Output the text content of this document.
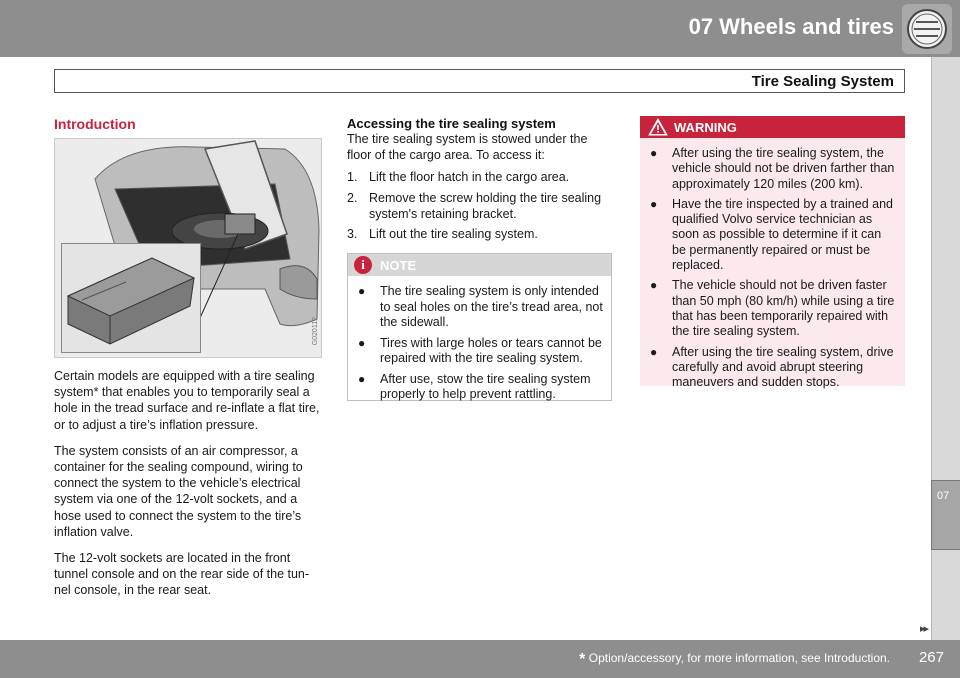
07 Wheels and tires
Tire Sealing System
07
▸▸
Introduction
G020112

Certain models are equipped with a tire sealing system* that enables you to temporarily seal a hole in the tread surface and re-inflate a flat tire, or to adjust a tire’s inflation pressure.

The system consists of an air compressor, a container for the sealing compound, wiring to connect the system to the vehicle’s electrical system via one of the 12-volt sockets, and a hose used to connect the system to the tire’s inflation valve.

The 12-volt sockets are located in the front tunnel console and on the rear side of the tun-nel console, in the rear seat.

Accessing the tire sealing system

The tire sealing system is stowed under the floor of the cargo area. To access it:

1. Lift the floor hatch in the cargo area.
2. Remove the screw holding the tire sealing system's retaining bracket.
3. Lift out the tire sealing system.
i	NOTE
● The tire sealing system is only intended to seal holes on the tire’s tread area, not the sidewall.
● Tires with large holes or tears cannot be repaired with the tire sealing system.
● After use, stow the tire sealing system properly to help prevent rattling.
WARNING
● After using the tire sealing system, the vehicle should not be driven farther than approximately 120 miles (200 km).
● Have the tire inspected by a trained and qualified Volvo service technician as soon as possible to determine if it can be permanently repaired or must be replaced.
● The vehicle should not be driven faster than 50 mph (80 km/h) while using a tire that has been temporarily repaired with the tire sealing system.
● After using the tire sealing system, drive carefully and avoid abrupt steering maneuvers and sudden stops.
* Option/accessory, for more information, see Introduction. 267
